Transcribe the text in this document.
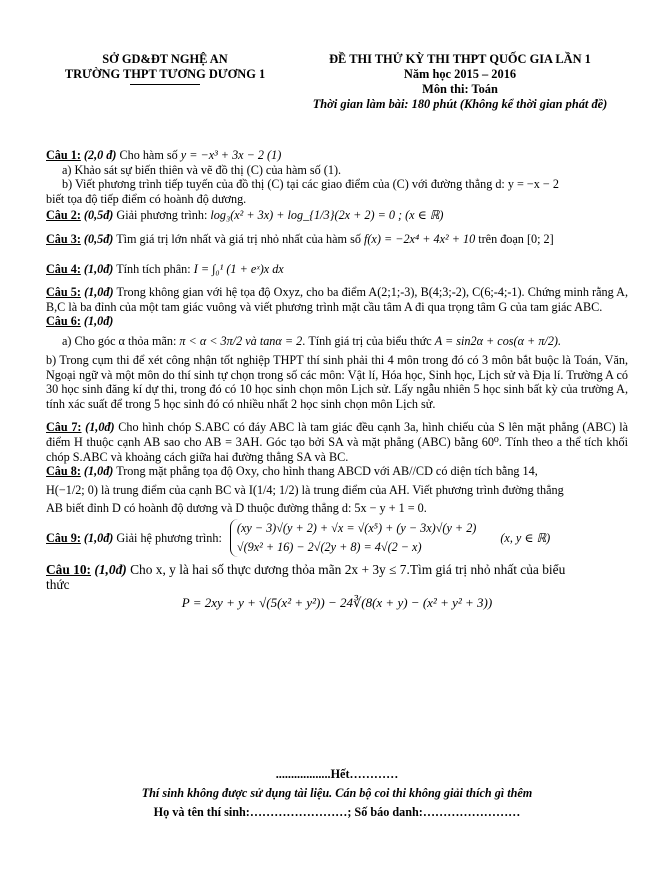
SỞ GD&ĐT NGHỆ AN
TRƯỜNG THPT TƯƠNG DƯƠNG 1
ĐỀ THI THỬ KỲ THI THPT QUỐC GIA LẦN 1
Năm học 2015 – 2016
Môn thi: Toán
Thời gian làm bài: 180 phút (Không kể thời gian phát đề)
Câu 1: (2,0 đ) Cho hàm số y = −x³ + 3x − 2 (1)
a) Khảo sát sự biến thiên và vẽ đồ thị (C) của hàm số (1).
b) Viết phương trình tiếp tuyến của đồ thị (C) tại các giao điểm của (C) với đường thẳng d: y = −x − 2
biết tọa độ tiếp điểm có hoành độ dương.
Câu 2: (0,5đ) Giải phương trình: log₃(x² + 3x) + log_{1/3}(2x + 2) = 0 ; (x ∈ ℝ)
Câu 3: (0,5đ) Tìm giá trị lớn nhất và giá trị nhỏ nhất của hàm số f(x) = −2x⁴ + 4x² + 10 trên đoạn [0; 2]
Câu 4: (1,0đ) Tính tích phân: I = ∫₀¹ (1 + eˣ)x dx
Câu 5: (1,0đ) Trong không gian với hệ tọa độ Oxyz, cho ba điểm A(2;1;-3), B(4;3;-2), C(6;-4;-1). Chứng minh rằng A, B,C là ba đỉnh của một tam giác vuông và viết phương trình mặt cầu tâm A đi qua trọng tâm G của tam giác ABC.
Câu 6: (1,0đ)
a) Cho góc α thỏa mãn: π < α < 3π/2 và tanα = 2. Tính giá trị của biểu thức A = sin2α + cos(α + π/2).
b) Trong cụm thi để xét công nhận tốt nghiệp THPT thí sinh phải thi 4 môn trong đó có 3 môn bắt buộc là Toán, Văn, Ngoại ngữ và một môn do thí sinh tự chọn trong số các môn: Vật lí, Hóa học, Sinh học, Lịch sử và Địa lí. Trường A có 30 học sinh đăng kí dự thi, trong đó có 10 học sinh chọn môn Lịch sử. Lấy ngẫu nhiên 5 học sinh bất kỳ của trường A, tính xác suất để trong 5 học sinh đó có nhiều nhất 2 học sinh chọn môn Lịch sử.
Câu 7: (1,0đ) Cho hình chóp S.ABC có đáy ABC là tam giác đều cạnh 3a, hình chiếu của S lên mặt phẳng (ABC) là điểm H thuộc cạnh AB sao cho AB = 3AH. Góc tạo bởi SA và mặt phẳng (ABC) bằng 60⁰. Tính theo a thể tích khối chóp S.ABC và khoảng cách giữa hai đường thẳng SA và BC.
Câu 8: (1,0đ) Trong mặt phẳng tọa độ Oxy, cho hình thang ABCD với AB//CD có diện tích bằng 14,
H(−1/2; 0) là trung điểm của cạnh BC và I(1/4; 1/2) là trung điểm của AH. Viết phương trình đường thẳng
AB biết đỉnh D có hoành độ dương và D thuộc đường thẳng d: 5x − y + 1 = 0.
Câu 9: (1,0đ) Giải hệ phương trình:
(xy − 3)√(y + 2) + √x = √(x⁵) + (y − 3x)√(y + 2)
√(9x² + 16) − 2√(2y + 8) = 4√(2 − x)
(x, y ∈ ℝ)
Câu 10: (1,0đ) Cho x, y là hai số thực dương thỏa mãn 2x + 3y ≤ 7.Tìm giá trị nhỏ nhất của biểu
thức
P = 2xy + y + √(5(x² + y²)) − 24∛(8(x + y) − (x² + y² + 3))
..................Hết…………
Thí sinh không được sử dụng tài liệu. Cán bộ coi thi không giải thích gì thêm
Họ và tên thí sinh:……………………; Số báo danh:……………………
